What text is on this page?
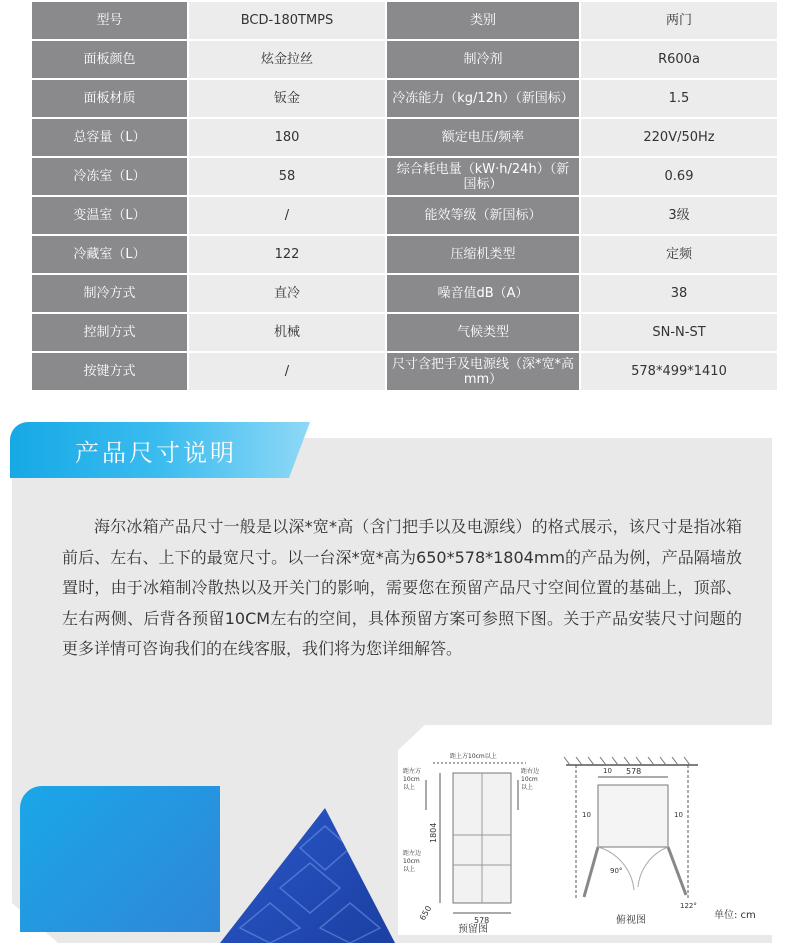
型号	BCD-180TMPS	类别	两门
面板颜色	炫金拉丝	制冷剂	R600a
面板材质	钣金	冷冻能力（kg/12h）（新国标）	1.5
总容量（L）	180	额定电压/频率	220V/50Hz
冷冻室（L）	58	综合耗电量（kW·h/24h）（新国标）	0.69
变温室（L）	/	能效等级（新国标）	3级
冷藏室（L）	122	压缩机类型	定频
制冷方式	直冷	噪音值dB（A）	38
控制方式	机械	气候类型	SN-N-ST
按键方式	/	尺寸含把手及电源线（深*宽*高mm）	578*499*1410
产品尺寸说明

海尔冰箱产品尺寸一般是以深*宽*高（含门把手以及电源线）的格式展示，该尺寸是指冰箱前后、左右、上下的最宽尺寸。以一台深*宽*高为650*578*1804mm的产品为例，产品隔墙放置时，由于冰箱制冷散热以及开关门的影响，需要您在预留产品尺寸空间位置的基础上，顶部、左右两侧、后背各预留10CM左右的空间，具体预留方案可参照下图。关于产品安装尺寸问题的更多详情可咨询我们的在线客服，我们将为您详细解答。

距上方10cm以上
距左方
10cm
以上
距右边
10cm
以上
距左边
10cm
以上
1804
578
650
预留图
10 578
10	10
90°
122°
俯视图	单位: cm
